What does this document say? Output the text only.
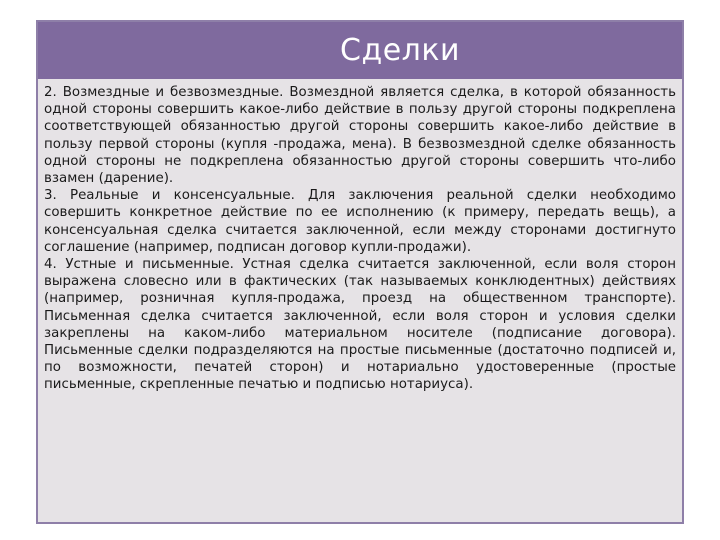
Сделки

2. Возмездные и безвозмездные. Возмездной является сделка, в которой обязанность одной стороны совершить какое-либо действие в пользу другой стороны подкреплена соответствующей обязанностью другой стороны совершить какое-либо действие в пользу первой стороны (купля -продажа, мена). В безвозмездной сделке обязанность одной стороны не подкреплена обязанностью другой стороны совершить что-либо взамен (дарение).

3. Реальные и консенсуальные. Для заключения реальной сделки необходимо совершить конкретное действие по ее исполнению (к примеру, передать вещь), а консенсуальная сделка считается заключенной, если между сторонами достигнуто соглашение (например, подписан договор купли-продажи).

4. Устные и письменные. Устная сделка считается заключенной, если воля сторон выражена словесно или в фактических (так называемых конклюдентных) действиях (например, розничная купля-продажа, проезд на общественном транспорте). Письменная сделка считается заключенной, если воля сторон и условия сделки закреплены на каком-либо материальном носителе (подписание договора). Письменные сделки подразделяются на простые письменные (достаточно подписей и, по возможности, печатей сторон) и нотариально удостоверенные (простые письменные, скрепленные печатью и подписью нотариуса).
